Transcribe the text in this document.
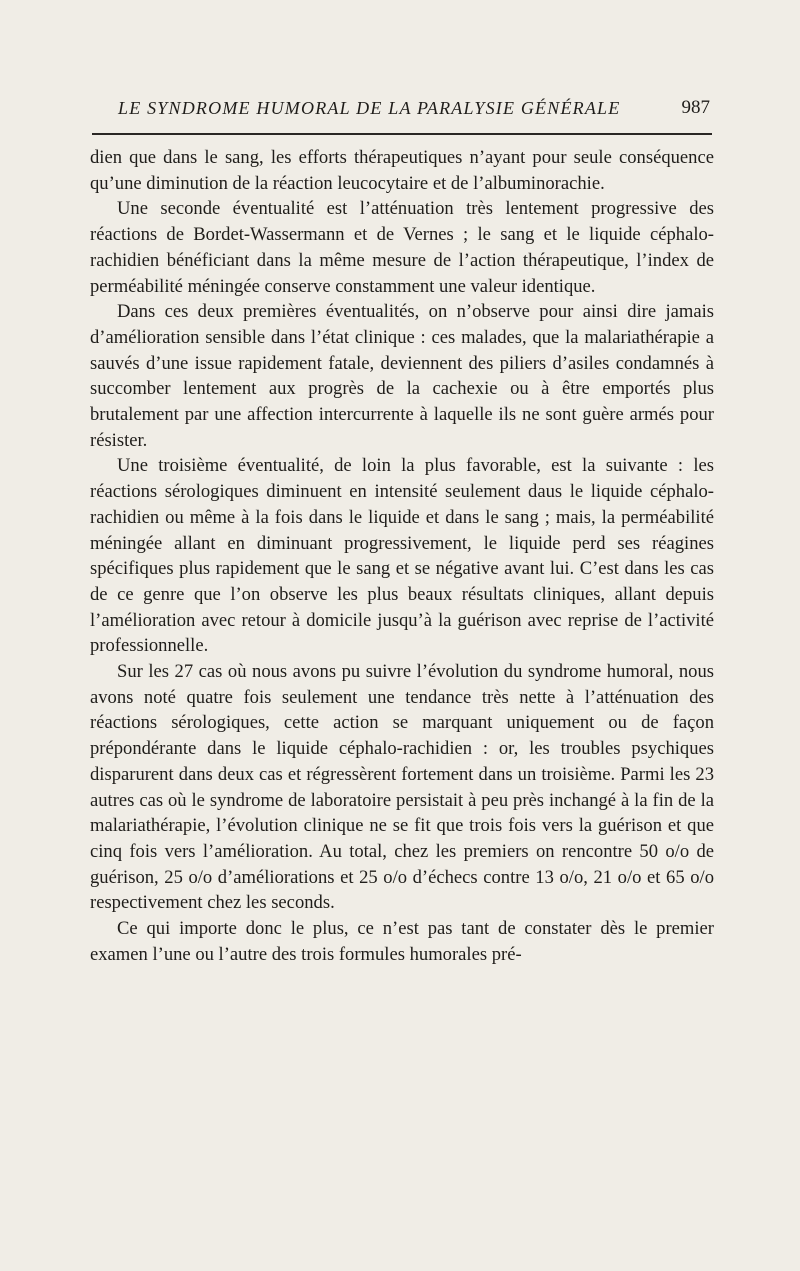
LE SYNDROME HUMORAL DE LA PARALYSIE GÉNÉRALE	987

dien que dans le sang, les efforts thérapeutiques n’ayant pour seule conséquence qu’une diminution de la réaction leucocytaire et de l’albuminorachie.

Une seconde éventualité est l’atténuation très lentement progressive des réactions de Bordet-Wassermann et de Vernes ; le sang et le liquide céphalo-rachidien bénéficiant dans la même mesure de l’action thérapeutique, l’index de perméabilité méningée conserve constamment une valeur identique.

Dans ces deux premières éventualités, on n’observe pour ainsi dire jamais d’amélioration sensible dans l’état clinique : ces malades, que la malariathérapie a sauvés d’une issue rapidement fatale, deviennent des piliers d’asiles condamnés à succomber lentement aux progrès de la cachexie ou à être emportés plus brutalement par une affection intercurrente à laquelle ils ne sont guère armés pour résister.

Une troisième éventualité, de loin la plus favorable, est la suivante : les réactions sérologiques diminuent en intensité seulement daus le liquide céphalo-rachidien ou même à la fois dans le liquide et dans le sang ; mais, la perméabilité méningée allant en diminuant progressivement, le liquide perd ses réagines spécifiques plus rapidement que le sang et se négative avant lui. C’est dans les cas de ce genre que l’on observe les plus beaux résultats cliniques, allant depuis l’amélioration avec retour à domicile jusqu’à la guérison avec reprise de l’activité professionnelle.

Sur les 27 cas où nous avons pu suivre l’évolution du syndrome humoral, nous avons noté quatre fois seulement une tendance très nette à l’atténuation des réactions sérologiques, cette action se marquant uniquement ou de façon prépondérante dans le liquide céphalo-rachidien : or, les troubles psychiques disparurent dans deux cas et régressèrent fortement dans un troisième. Parmi les 23 autres cas où le syndrome de laboratoire persistait à peu près inchangé à la fin de la malariathérapie, l’évolution clinique ne se fit que trois fois vers la guérison et que cinq fois vers l’amélioration. Au total, chez les premiers on rencontre 50 o/o de guérison, 25 o/o d’améliorations et 25 o/o d’échecs contre 13 o/o, 21 o/o et 65 o/o respectivement chez les seconds.

Ce qui importe donc le plus, ce n’est pas tant de constater dès le premier examen l’une ou l’autre des trois formules humorales pré-
